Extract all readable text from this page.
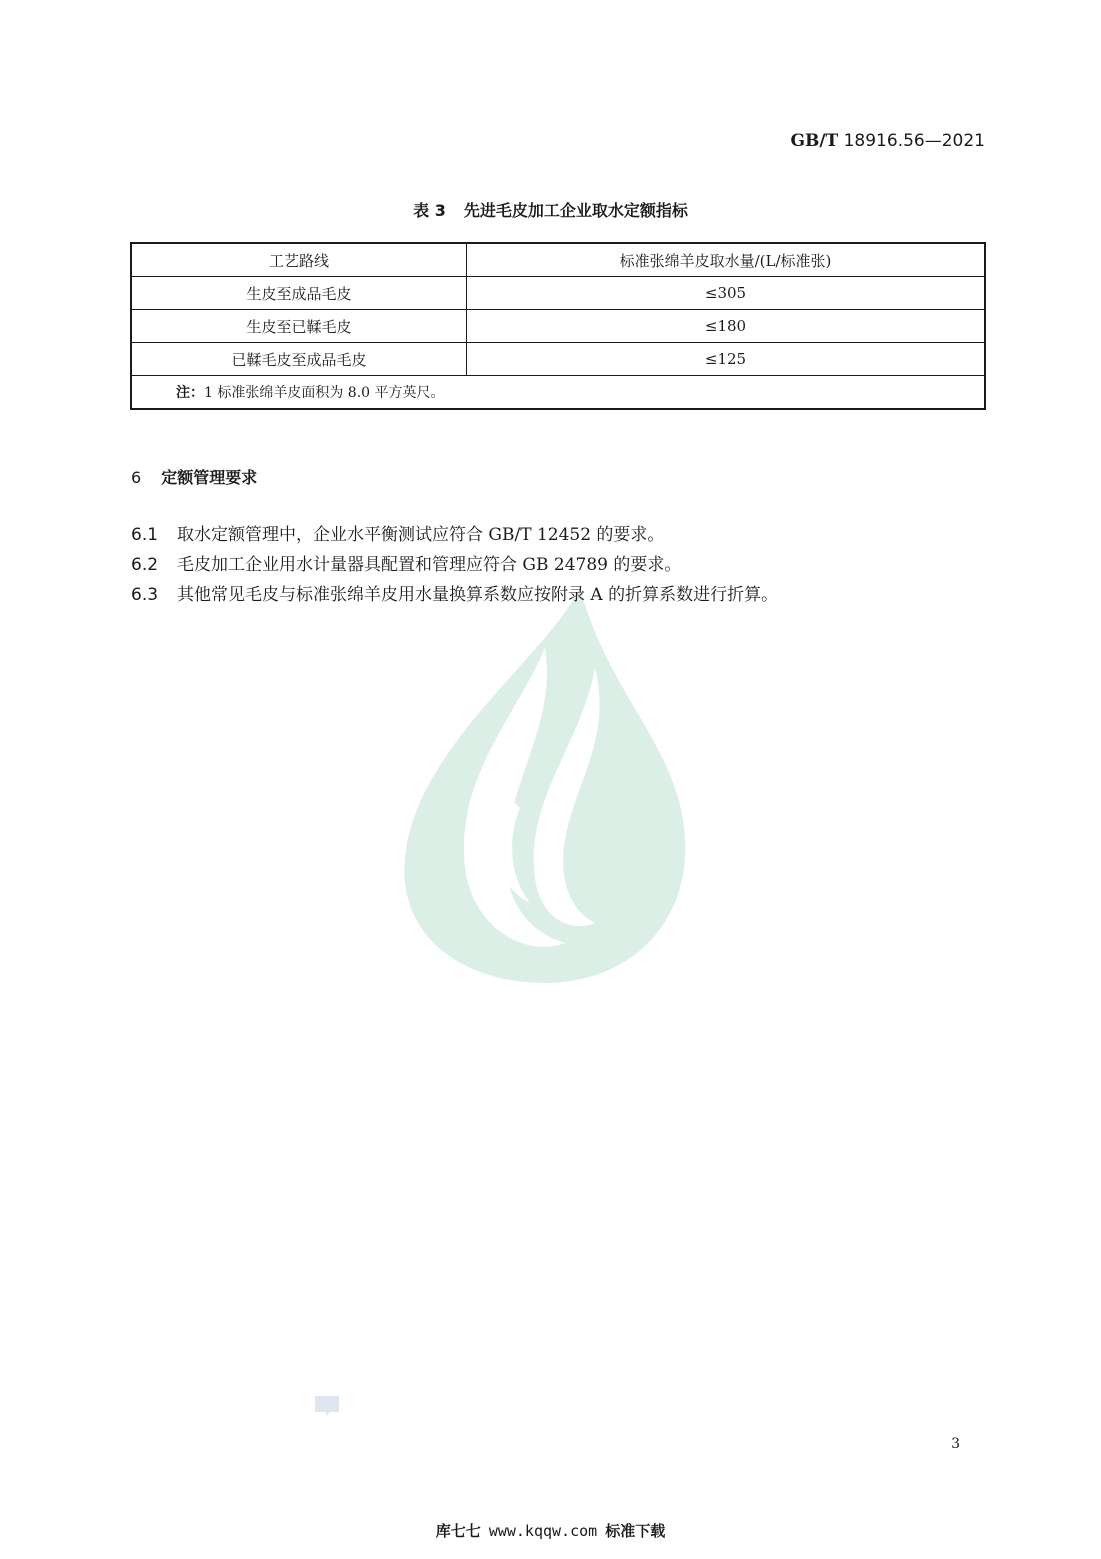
GB/T 18916.56—2021
表 3 先进毛皮加工企业取水定额指标
工艺路线	标准张绵羊皮取水量/(L/标准张)
生皮至成品毛皮	≤305
生皮至已鞣毛皮	≤180
已鞣毛皮至成品毛皮	≤125
注：1 标准张绵羊皮面积为 8.0 平方英尺。	
6 定额管理要求
6.1 取水定额管理中，企业水平衡测试应符合 GB/T 12452 的要求。
6.2 毛皮加工企业用水计量器具配置和管理应符合 GB 24789 的要求。
6.3 其他常见毛皮与标准张绵羊皮用水量换算系数应按附录 A 的折算系数进行折算。
3
库七七 www.kqqw.com 标准下载
